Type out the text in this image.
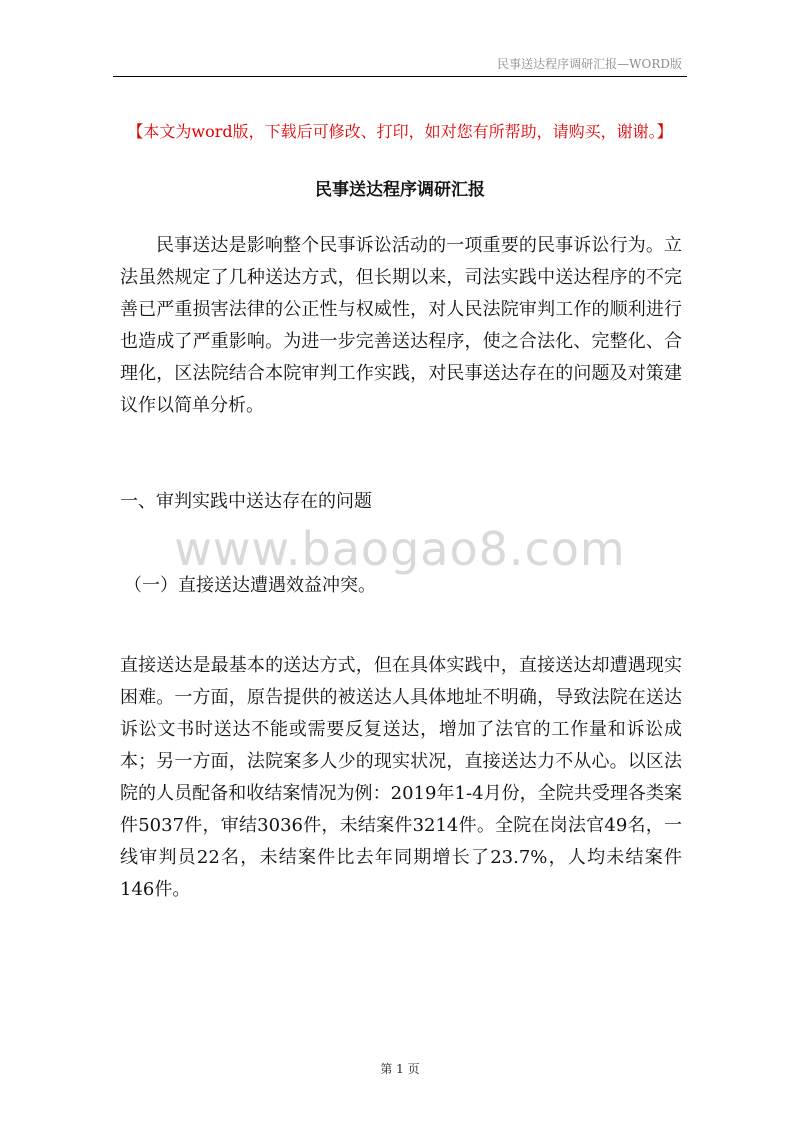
民事送达程序调研汇报—WORD版
【本文为word版，下载后可修改、打印，如对您有所帮助，请购买，谢谢。】
民事送达程序调研汇报

民事送达是影响整个民事诉讼活动的一项重要的民事诉讼行为。立法虽然规定了几种送达方式，但长期以来，司法实践中送达程序的不完善已严重损害法律的公正性与权威性，对人民法院审判工作的顺利进行也造成了严重影响。为进一步完善送达程序，使之合法化、完整化、合理化，区法院结合本院审判工作实践，对民事送达存在的问题及对策建议作以简单分析。

一、审判实践中送达存在的问题
www.baogao8.com
（一）直接送达遭遇效益冲突。

直接送达是最基本的送达方式，但在具体实践中，直接送达却遭遇现实困难。一方面，原告提供的被送达人具体地址不明确，导致法院在送达诉讼文书时送达不能或需要反复送达，增加了法官的工作量和诉讼成本；另一方面，法院案多人少的现实状况，直接送达力不从心。以区法院的人员配备和收结案情况为例：2019年1-4月份，全院共受理各类案件5037件，审结3036件，未结案件3214件。全院在岗法官49名，一线审判员22名，未结案件比去年同期增长了23.7%，人均未结案件146件。

第 1 页
